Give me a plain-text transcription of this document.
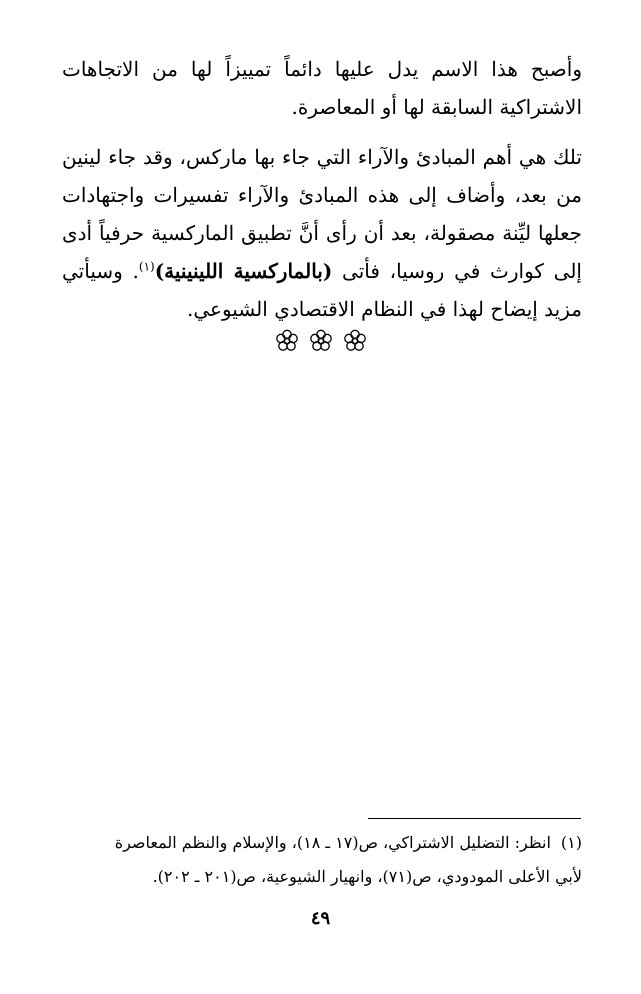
وأصبح هذا الاسم يدل عليها دائماً تمييزاً لها من الاتجاهات الاشتراكية السابقة لها أو المعاصرة.

تلك هي أهم المبادئ والآراء التي جاء بها ماركس، وقد جاء لينين من بعد، وأضاف إلى هذه المبادئ والآراء تفسيرات واجتهادات جعلها ليِّنة مصقولة، بعد أن رأى أنَّ تطبيق الماركسية حرفياً أدى إلى كوارث في روسيا، فأتى (بالماركسية اللينينية)$^{(١)}$. وسيأتي مزيد إيضاح لهذا في النظام الاقتصادي الشيوعي.

(١)انظر: التضليل الاشتراكي، ص(١٧ ـ ١٨)، والإسلام والنظم المعاصرة
لأبي الأعلى المودودي، ص(٧١)، وانهيار الشيوعية، ص(٢٠١ ـ ٢٠٢).
٤٩
